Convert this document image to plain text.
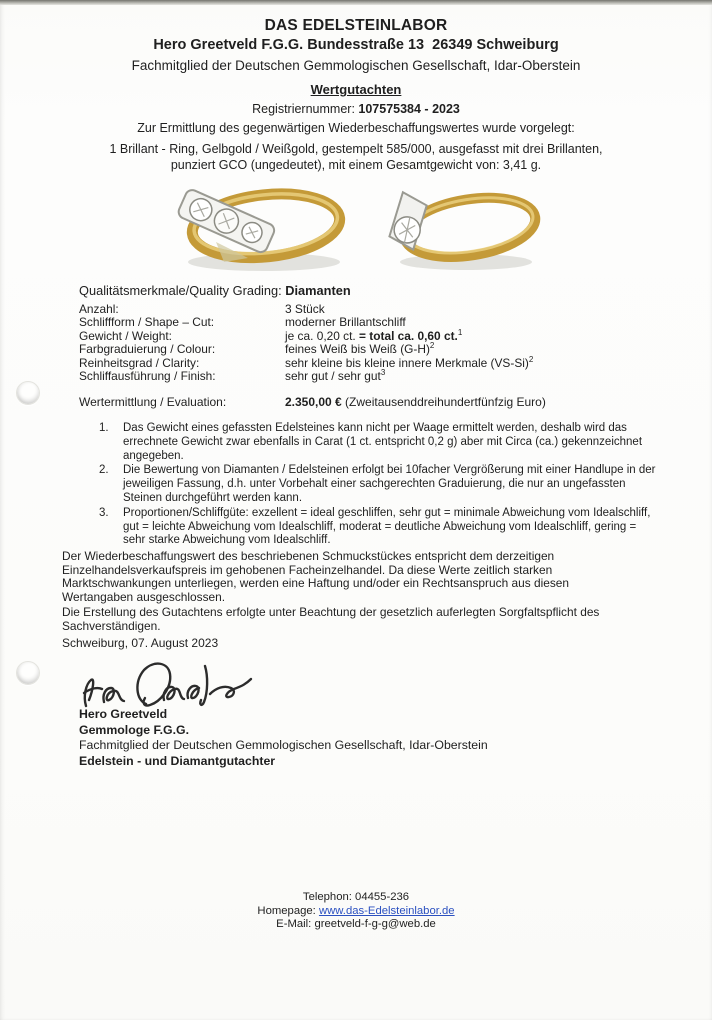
DAS EDELSTEINLABOR
Hero Greetveld F.G.G. Bundesstraße 13  26349 Schweiburg
Fachmitglied der Deutschen Gemmologischen Gesellschaft, Idar-Oberstein
Wertgutachten
Registriernummer: 107575384 - 2023
Zur Ermittlung des gegenwärtigen Wiederbeschaffungswertes wurde vorgelegt:
1 Brillant - Ring, Gelbgold / Weißgold, gestempelt 585/000, ausgefasst mit drei Brillanten,
punziert GCO (ungedeutet), mit einem Gesamtgewicht von: 3,41 g.
Qualitätsmerkmale/Quality Grading: Diamanten
Anzahl:	3 Stück
Schliffform / Shape – Cut:	moderner Brillantschliff
Gewicht / Weight:	je ca. 0,20 ct. = total ca. 0,60 ct.$^1$
Farbgraduierung / Colour:	feines Weiß bis Weiß $(G-H)^2$
Reinheitsgrad / Clarity:	sehr kleine bis kleine innere Merkmale $(VS-Si)^2$
Schliffausführung / Finish:	sehr gut / sehr gut$^3$
Wertermittlung / Evaluation:	2.350,00 € (Zweitausenddreihundertfünfzig Euro)
1.	Das Gewicht eines gefassten Edelsteines kann nicht per Waage ermittelt werden, deshalb wird das errechnete Gewicht zwar ebenfalls in Carat (1 ct. entspricht 0,2 g) aber mit Circa (ca.) gekennzeichnet angegeben.
2.	Die Bewertung von Diamanten / Edelsteinen erfolgt bei 10facher Vergrößerung mit einer Handlupe in der jeweiligen Fassung, d.h. unter Vorbehalt einer sachgerechten Graduierung, die nur an ungefassten Steinen durchgeführt werden kann.
3.	Proportionen/Schliffgüte: exzellent = ideal geschliffen, sehr gut = minimale Abweichung vom Idealschliff, gut = leichte Abweichung vom Idealschliff, moderat = deutliche Abweichung vom Idealschliff, gering = sehr starke Abweichung vom Idealschliff.
Der Wiederbeschaffungswert des beschriebenen Schmuckstückes entspricht dem derzeitigen Einzelhandelsverkaufspreis im gehobenen Facheinzelhandel. Da diese Werte zeitlich starken Marktschwankungen unterliegen, werden eine Haftung und/oder ein Rechtsanspruch aus diesen Wertangaben ausgeschlossen.
Die Erstellung des Gutachtens erfolgte unter Beachtung der gesetzlich auferlegten Sorgfaltspflicht des Sachverständigen.
Schweiburg, 07. August 2023
Hero Greetveld
Gemmologe F.G.G.
Fachmitglied der Deutschen Gemmologischen Gesellschaft, Idar-Oberstein
Edelstein - und Diamantgutachter
Telephon: 04455-236
Homepage: www.das-Edelsteinlabor.de
E-Mail: greetveld-f-g-g@web.de
